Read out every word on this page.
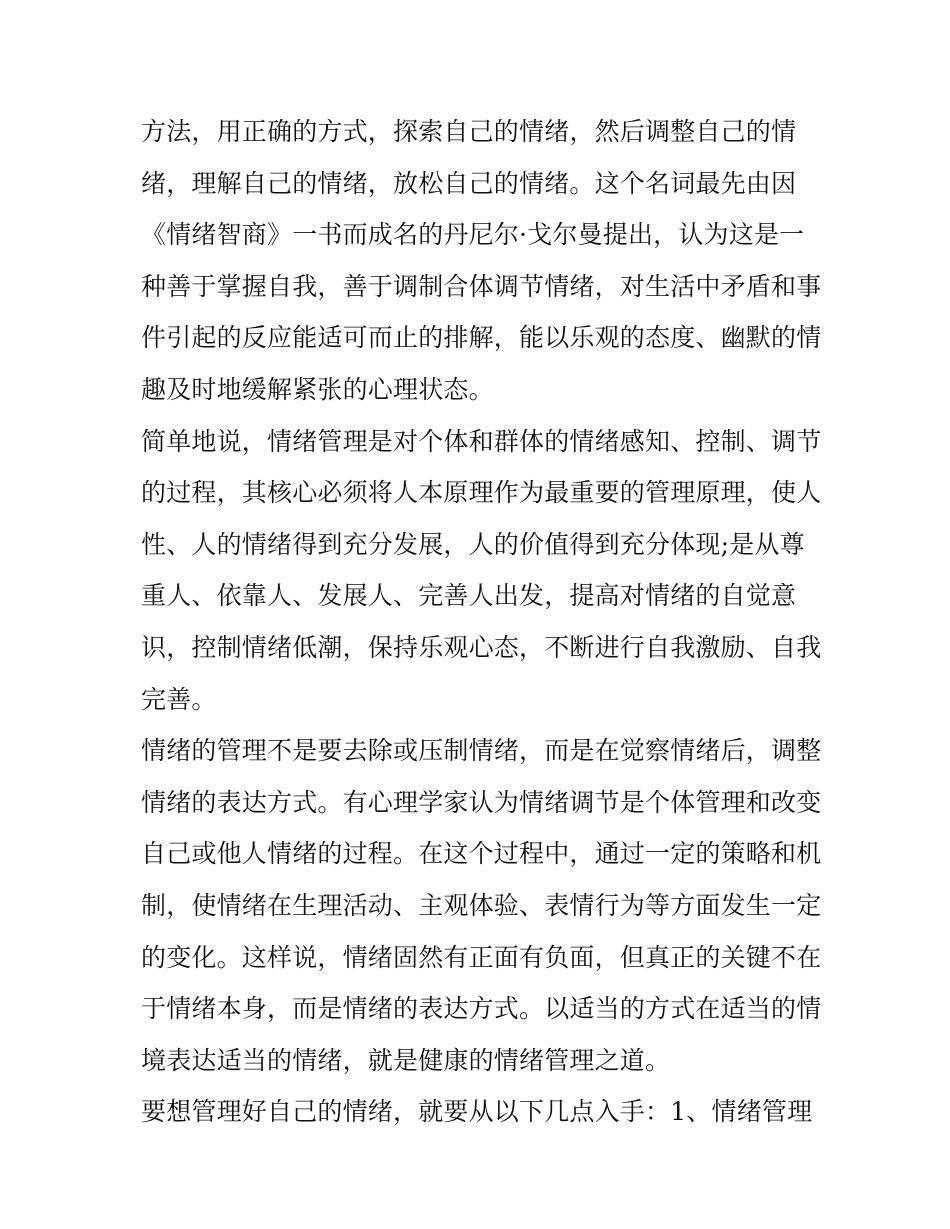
方法，用正确的方式，探索自己的情绪，然后调整自己的情
绪，理解自己的情绪，放松自己的情绪。这个名词最先由因
《情绪智商》一书而成名的丹尼尔·戈尔曼提出，认为这是一
种善于掌握自我，善于调制合体调节情绪，对生活中矛盾和事
件引起的反应能适可而止的排解，能以乐观的态度、幽默的情
趣及时地缓解紧张的心理状态。
简单地说，情绪管理是对个体和群体的情绪感知、控制、调节
的过程，其核心必须将人本原理作为最重要的管理原理，使人
性、人的情绪得到充分发展，人的价值得到充分体现;是从尊
重人、依靠人、发展人、完善人出发，提高对情绪的自觉意
识，控制情绪低潮，保持乐观心态，不断进行自我激励、自我
完善。
情绪的管理不是要去除或压制情绪，而是在觉察情绪后，调整
情绪的表达方式。有心理学家认为情绪调节是个体管理和改变
自己或他人情绪的过程。在这个过程中，通过一定的策略和机
制，使情绪在生理活动、主观体验、表情行为等方面发生一定
的变化。这样说，情绪固然有正面有负面，但真正的关键不在
于情绪本身，而是情绪的表达方式。以适当的方式在适当的情
境表达适当的情绪，就是健康的情绪管理之道。
要想管理好自己的情绪，就要从以下几点入手：1、情绪管理
